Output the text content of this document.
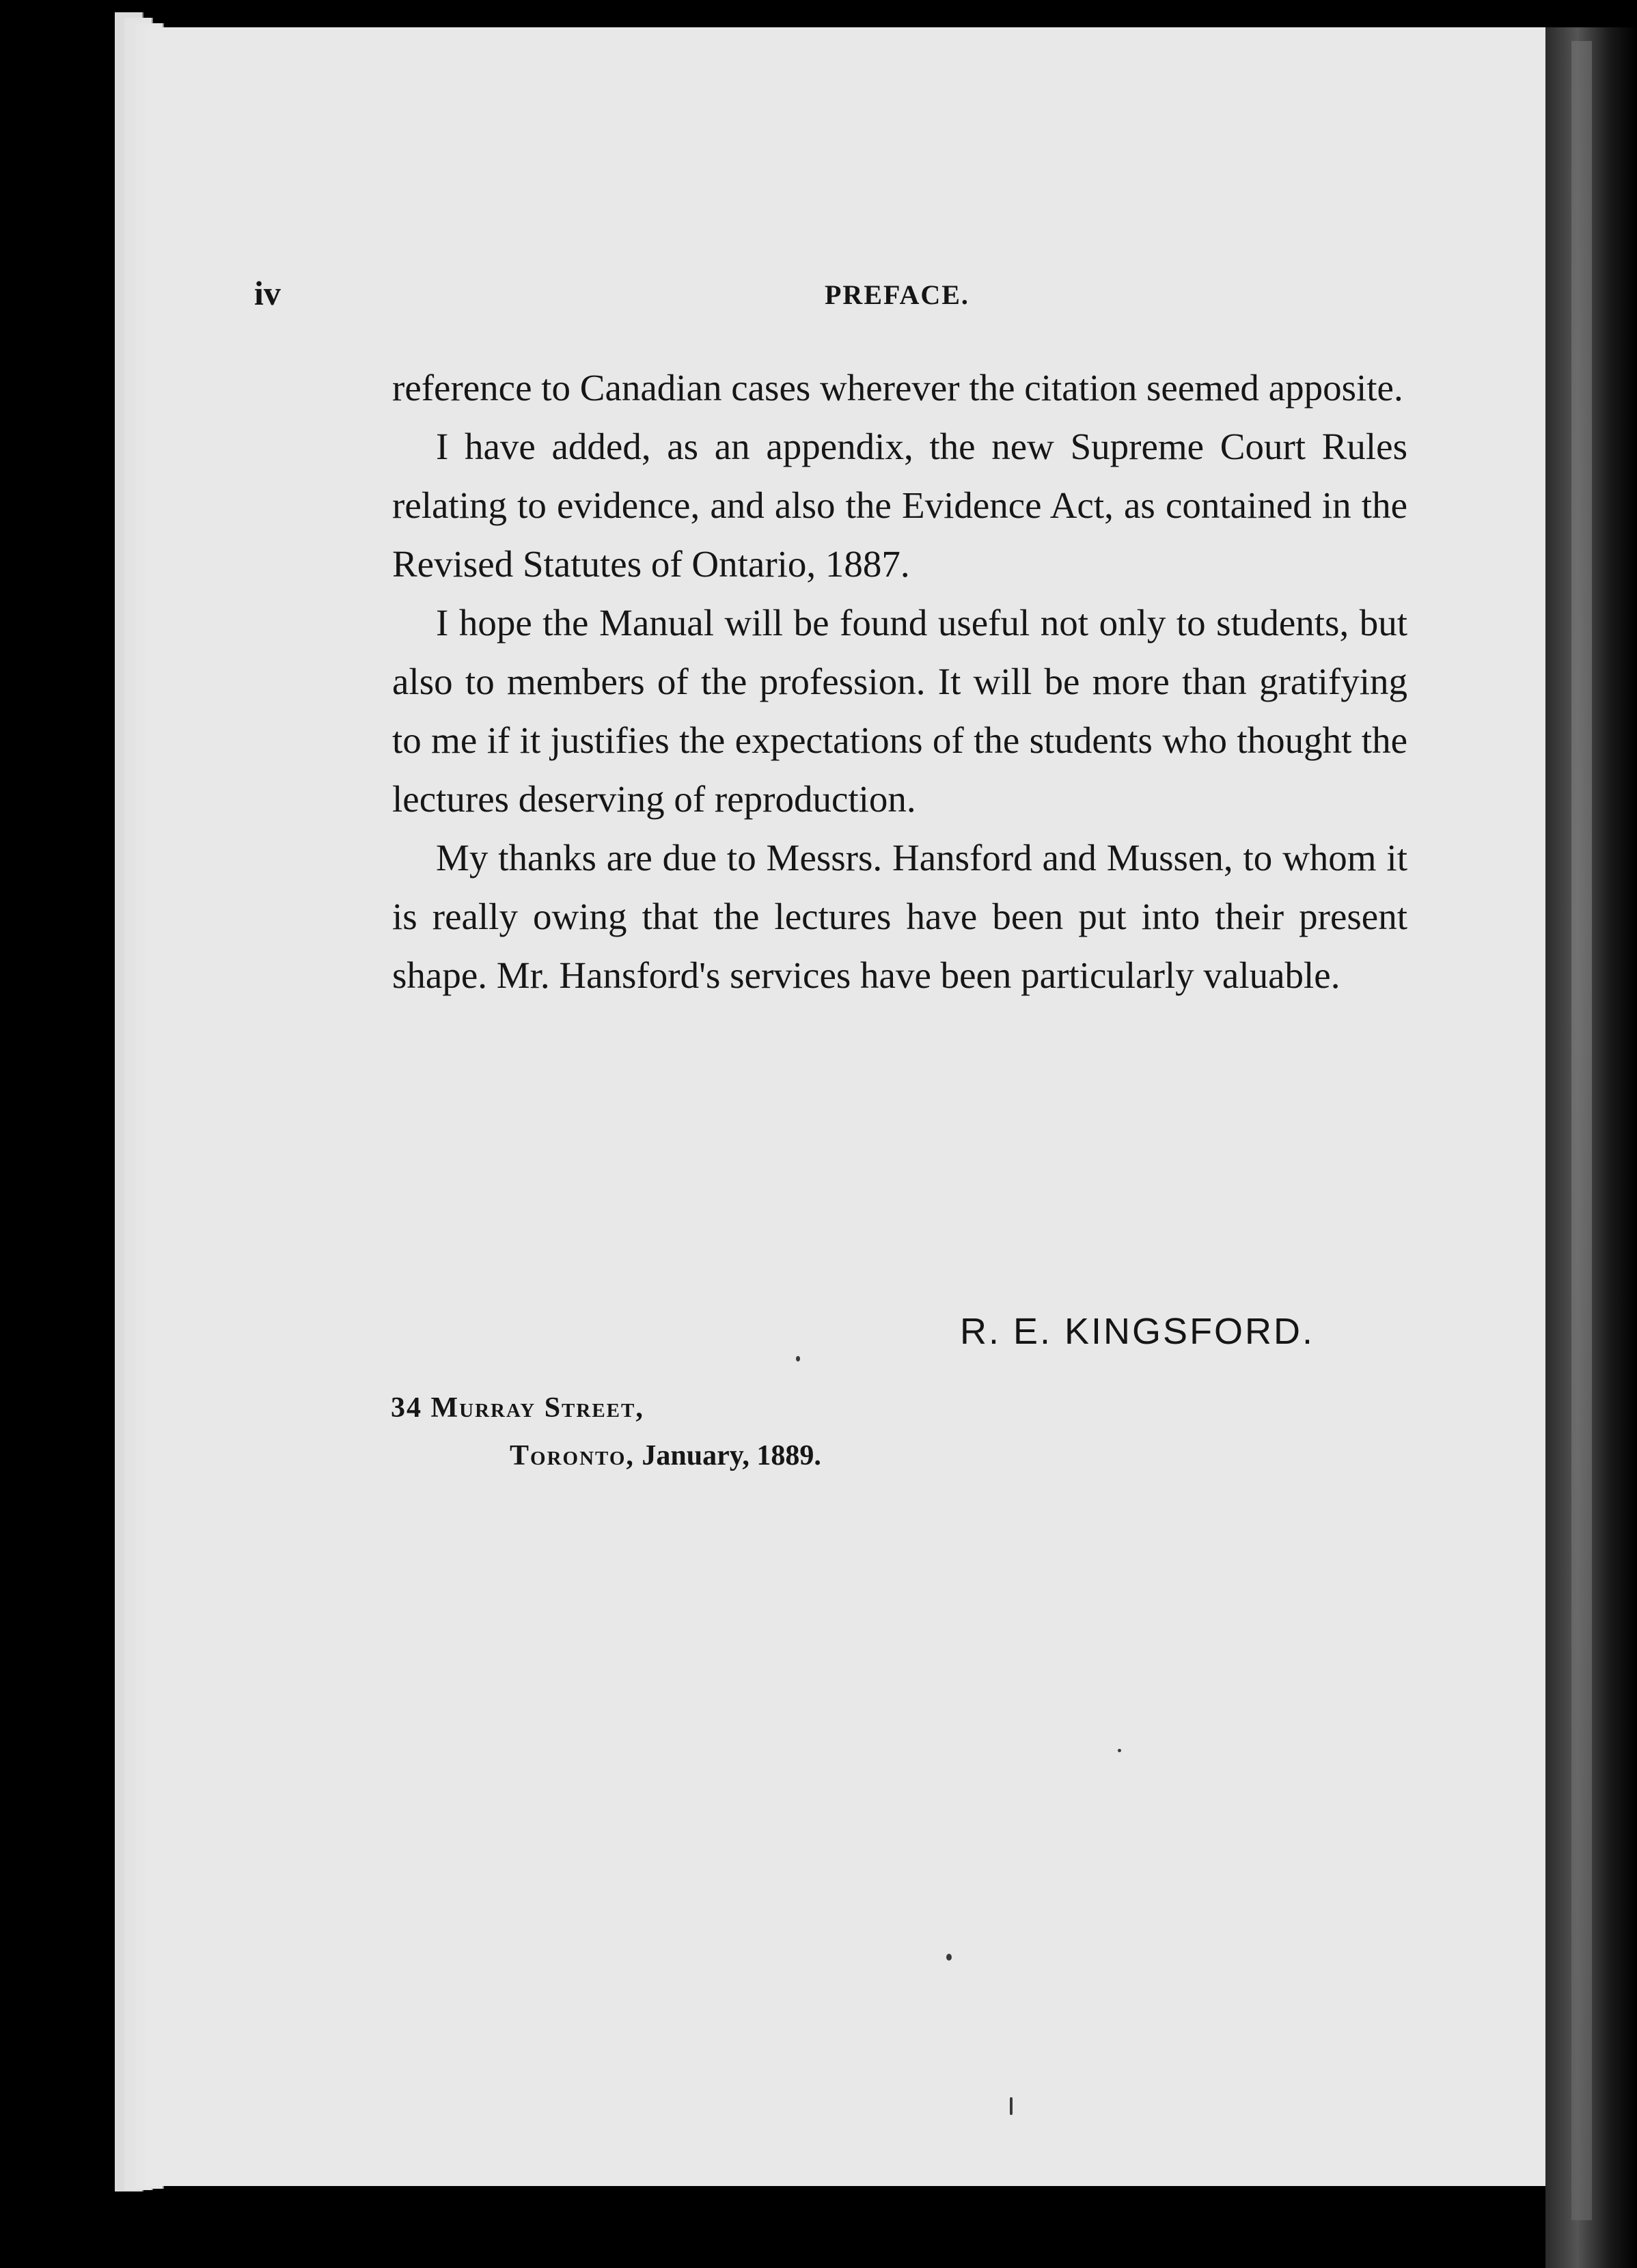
iv	PREFACE.

reference to Canadian cases wherever the citation seemed apposite.

I have added, as an appendix, the new Supreme Court Rules relating to evidence, and also the Evidence Act, as contained in the Revised Statutes of Ontario, 1887.

I hope the Manual will be found useful not only to students, but also to members of the profession. It will be more than gratifying to me if it justifies the expectations of the students who thought the lectures deserving of reproduction.

My thanks are due to Messrs. Hansford and Mussen, to whom it is really owing that the lectures have been put into their present shape. Mr. Hansford's services have been particularly valuable.

R. E. KINGSFORD.
34 Murray Street,
Toronto, January, 1889.
